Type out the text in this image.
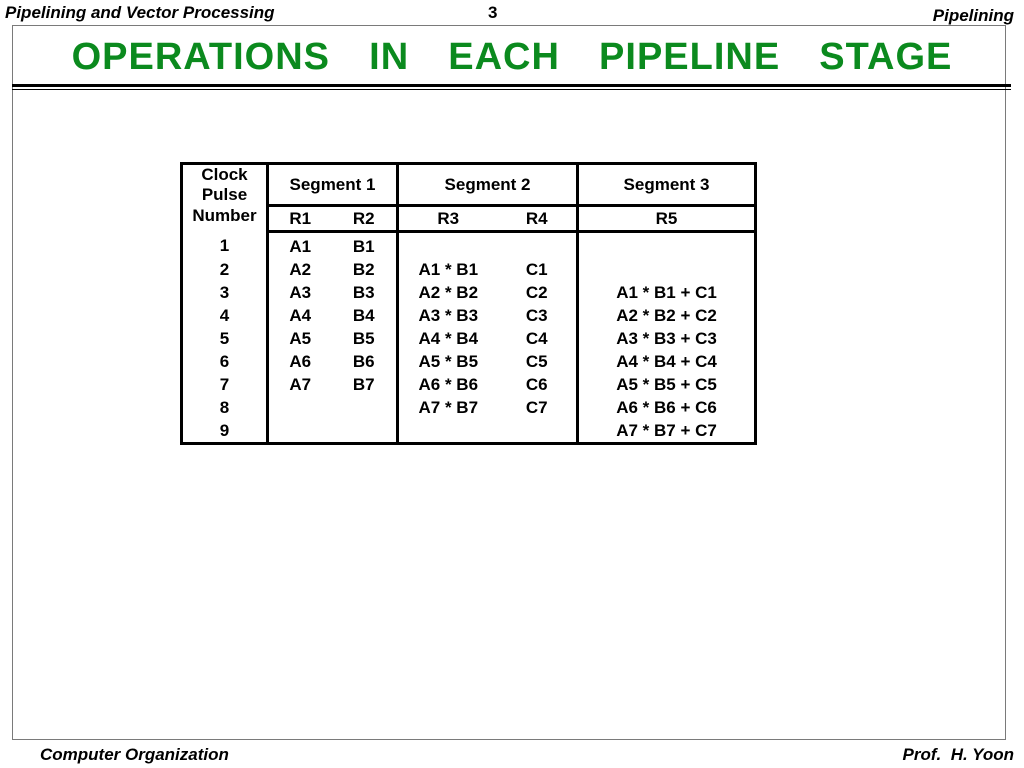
Pipelining and Vector Processing	3	Pipelining
OPERATIONS  IN  EACH  PIPELINE  STAGE
Clock
Pulse
Number	Segment 1		Segment 2		Segment 3
	R1	R2	R3	R4	R5
1	A1	B1			
2	A2	B2	A1 * B1	C1	
3	A3	B3	A2 * B2	C2	A1 * B1 + C1
4	A4	B4	A3 * B3	C3	A2 * B2 + C2
5	A5	B5	A4 * B4	C4	A3 * B3 + C3
6	A6	B6	A5 * B5	C5	A4 * B4 + C4
7	A7	B7	A6 * B6	C6	A5 * B5 + C5
8			A7 * B7	C7	A6 * B6 + C6
9					A7 * B7 + C7
Computer Organization	Prof.  H. Yoon
